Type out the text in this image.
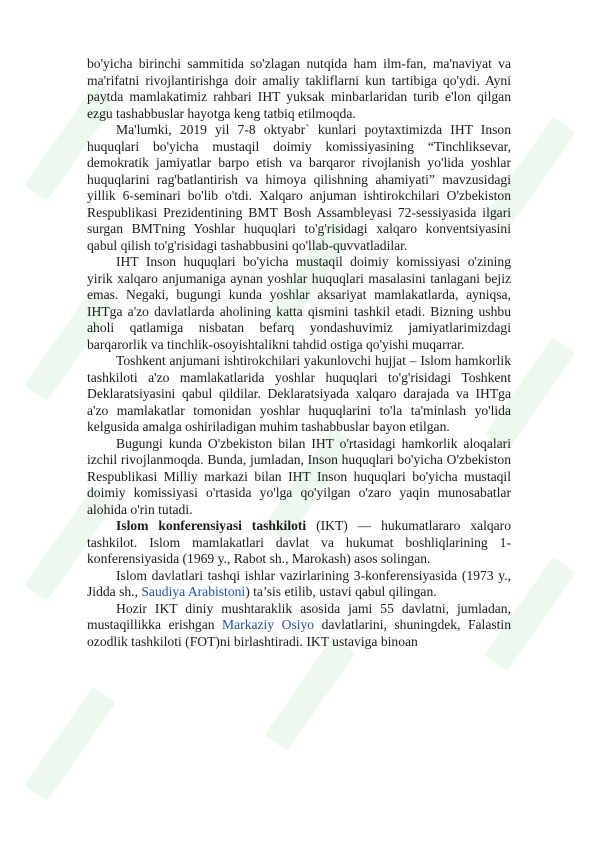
bo'yicha birinchi sammitida so'zlagan nutqida ham ilm-fan, ma'naviyat va ma'rifatni rivojlantirishga doir amaliy takliflarni kun tartibiga qo'ydi. Ayni paytda mamlakatimiz rahbari IHT yuksak minbarlaridan turib e'lon qilgan ezgu tashabbuslar hayotga keng tatbiq etilmoqda.

Ma'lumki, 2019 yil 7-8 oktyabr` kunlari poytaxtimizda IHT Inson huquqlari bo'yicha mustaqil doimiy komissiyasining “Tinchliksevar, demokratik jamiyatlar barpo etish va barqaror rivojlanish yo'lida yoshlar huquqlarini rag'batlantirish va himoya qilishning ahamiyati” mavzusidagi yillik 6-seminari bo'lib o'tdi. Xalqaro anjuman ishtirokchilari O'zbekiston Respublikasi Prezidentining BMT Bosh Assambleyasi 72-sessiyasida ilgari surgan BMTning Yoshlar huquqlari to'g'risidagi xalqaro konventsiyasini qabul qilish to'g'risidagi tashabbusini qo'llab-quvvatladilar.

IHT Inson huquqlari bo'yicha mustaqil doimiy komissiyasi o'zining yirik xalqaro anjumaniga aynan yoshlar huquqlari masalasini tanlagani bejiz emas. Negaki, bugungi kunda yoshlar aksariyat mamlakatlarda, ayniqsa, IHTga a'zo davlatlarda aholining katta qismini tashkil etadi. Bizning ushbu aholi qatlamiga nisbatan befarq yondashuvimiz jamiyatlarimizdagi barqarorlik va tinchlik-osoyishtalikni tahdid ostiga qo'yishi muqarrar.

Toshkent anjumani ishtirokchilari yakunlovchi hujjat – Islom hamkorlik tashkiloti a'zo mamlakatlarida yoshlar huquqlari to'g'risidagi Toshkent Deklaratsiyasini qabul qildilar. Deklaratsiyada xalqaro darajada va IHTga a'zo mamlakatlar tomonidan yoshlar huquqlarini to'la ta'minlash yo'lida kelgusida amalga oshiriladigan muhim tashabbuslar bayon etilgan.

Bugungi kunda O'zbekiston bilan IHT o'rtasidagi hamkorlik aloqalari izchil rivojlanmoqda. Bunda, jumladan, Inson huquqlari bo'yicha O'zbekiston Respublikasi Milliy markazi bilan IHT Inson huquqlari bo'yicha mustaqil doimiy komissiyasi o'rtasida yo'lga qo'yilgan o'zaro yaqin munosabatlar alohida o'rin tutadi.

Islom konferensiyasi tashkiloti (IKT) — hukumatlararo xalqaro tashkilot. Islom mamlakatlari davlat va hukumat boshliqlarining 1-konferensiyasida (1969 y., Rabot sh., Marokash) asos solingan.

Islom davlatlari tashqi ishlar vazirlarining 3-konferensiyasida (1973 y., Jidda sh., Saudiya Arabistoni) ta’sis etilib, ustavi qabul qilingan.

Hozir IKT diniy mushtaraklik asosida jami 55 davlatni, jumladan, mustaqillikka erishgan Markaziy Osiyo davlatlarini, shuningdek, Falastin ozodlik tashkiloti (FOT)ni birlashtiradi. IKT ustaviga binoan
